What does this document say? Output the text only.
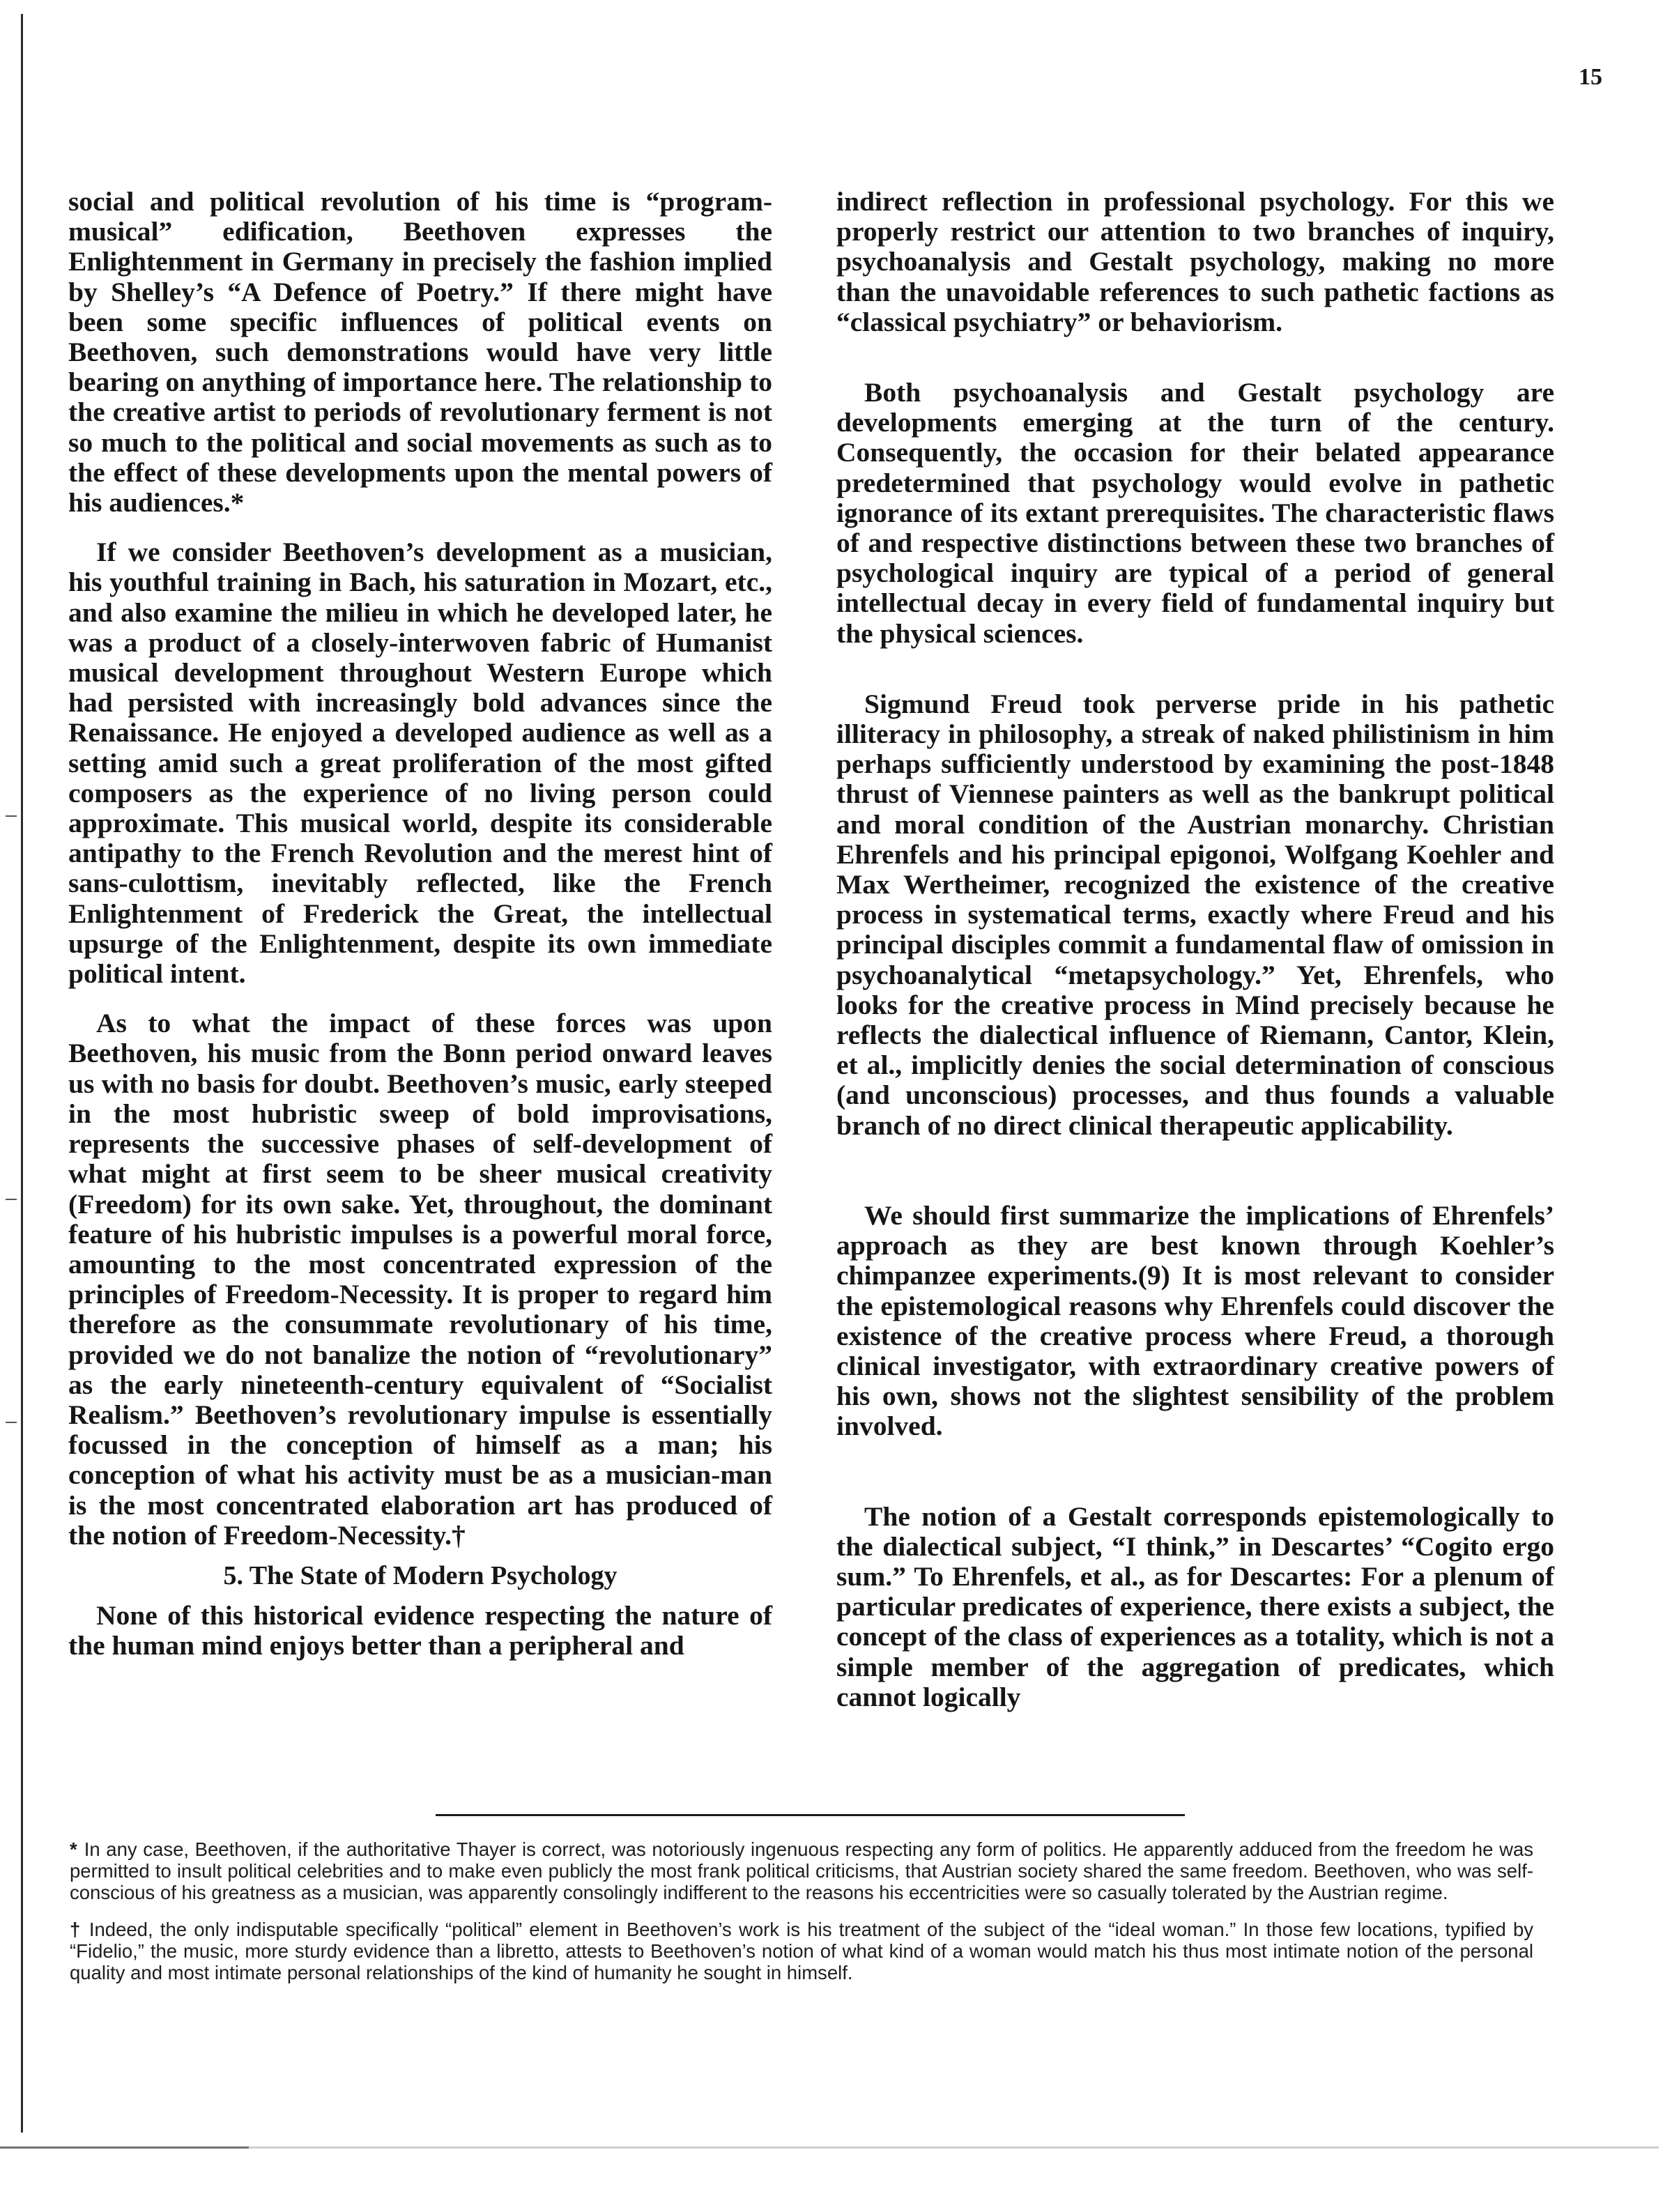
15

social and political revolution of his time is “program-musical” edification, Beethoven expresses the Enlightenment in Germany in precisely the fashion implied by Shelley’s “A Defence of Poetry.” If there might have been some specific influences of political events on Beethoven, such demonstrations would have very little bearing on anything of importance here. The relationship to the creative artist to periods of revolutionary ferment is not so much to the political and social movements as such as to the effect of these developments upon the mental powers of his audiences.*

If we consider Beethoven’s development as a musician, his youthful training in Bach, his saturation in Mozart, etc., and also examine the milieu in which he developed later, he was a product of a closely-interwoven fabric of Humanist musical development throughout Western Europe which had persisted with increasingly bold advances since the Renaissance. He enjoyed a developed audience as well as a setting amid such a great proliferation of the most gifted composers as the experience of no living person could approximate. This musical world, despite its considerable antipathy to the French Revolution and the merest hint of sans-culottism, inevitably reflected, like the French Enlightenment of Frederick the Great, the intellectual upsurge of the Enlightenment, despite its own immediate political intent.

As to what the impact of these forces was upon Beethoven, his music from the Bonn period onward leaves us with no basis for doubt. Beethoven’s music, early steeped in the most hubristic sweep of bold improvisations, represents the successive phases of self-development of what might at first seem to be sheer musical creativity (Freedom) for its own sake. Yet, throughout, the dominant feature of his hubristic impulses is a powerful moral force, amounting to the most concentrated expression of the principles of Freedom-Necessity. It is proper to regard him therefore as the consummate revolutionary of his time, provided we do not banalize the notion of “revolutionary” as the early nineteenth-century equivalent of “Socialist Realism.” Beethoven’s revolutionary impulse is essentially focussed in the conception of himself as a man; his conception of what his activity must be as a musician-man is the most concentrated elaboration art has produced of the notion of Freedom-Necessity.†

5. The State of Modern Psychology

None of this historical evidence respecting the nature of the human mind enjoys better than a peripheral and

indirect reflection in professional psychology. For this we properly restrict our attention to two branches of inquiry, psychoanalysis and Gestalt psychology, making no more than the unavoidable references to such pathetic factions as “classical psychiatry” or behaviorism.

Both psychoanalysis and Gestalt psychology are developments emerging at the turn of the century. Consequently, the occasion for their belated appearance predetermined that psychology would evolve in pathetic ignorance of its extant prerequisites. The characteristic flaws of and respective distinctions between these two branches of psychological inquiry are typical of a period of general intellectual decay in every field of fundamental inquiry but the physical sciences.

Sigmund Freud took perverse pride in his pathetic illiteracy in philosophy, a streak of naked philistinism in him perhaps sufficiently understood by examining the post-1848 thrust of Viennese painters as well as the bankrupt political and moral condition of the Austrian monarchy. Christian Ehrenfels and his principal epigonoi, Wolfgang Koehler and Max Wertheimer, recognized the existence of the creative process in systematical terms, exactly where Freud and his principal disciples commit a fundamental flaw of omission in psychoanalytical “metapsychology.” Yet, Ehrenfels, who looks for the creative process in Mind precisely because he reflects the dialectical influence of Riemann, Cantor, Klein, et al., implicitly denies the social determination of conscious (and unconscious) processes, and thus founds a valuable branch of no direct clinical therapeutic applicability.

We should first summarize the implications of Ehrenfels’ approach as they are best known through Koehler’s chimpanzee experiments.(9) It is most relevant to consider the epistemological reasons why Ehrenfels could discover the existence of the creative process where Freud, a thorough clinical investigator, with extraordinary creative powers of his own, shows not the slightest sensibility of the problem involved.

The notion of a Gestalt corresponds epistemologically to the dialectical subject, “I think,” in Descartes’ “Cogito ergo sum.” To Ehrenfels, et al., as for Descartes: For a plenum of particular predicates of experience, there exists a subject, the concept of the class of experiences as a totality, which is not a simple member of the aggregation of predicates, which cannot logically

* In any case, Beethoven, if the authoritative Thayer is correct, was notoriously ingenuous respecting any form of politics. He apparently adduced from the freedom he was permitted to insult political celebrities and to make even publicly the most frank political criticisms, that Austrian society shared the same freedom. Beethoven, who was self-conscious of his greatness as a musician, was apparently consolingly indifferent to the reasons his eccentricities were so casually tolerated by the Austrian regime.

† Indeed, the only indisputable specifically “political” element in Beethoven’s work is his treatment of the subject of the “ideal woman.” In those few locations, typified by “Fidelio,” the music, more sturdy evidence than a libretto, attests to Beethoven’s notion of what kind of a woman would match his thus most intimate notion of the personal quality and most intimate personal relationships of the kind of humanity he sought in himself.
